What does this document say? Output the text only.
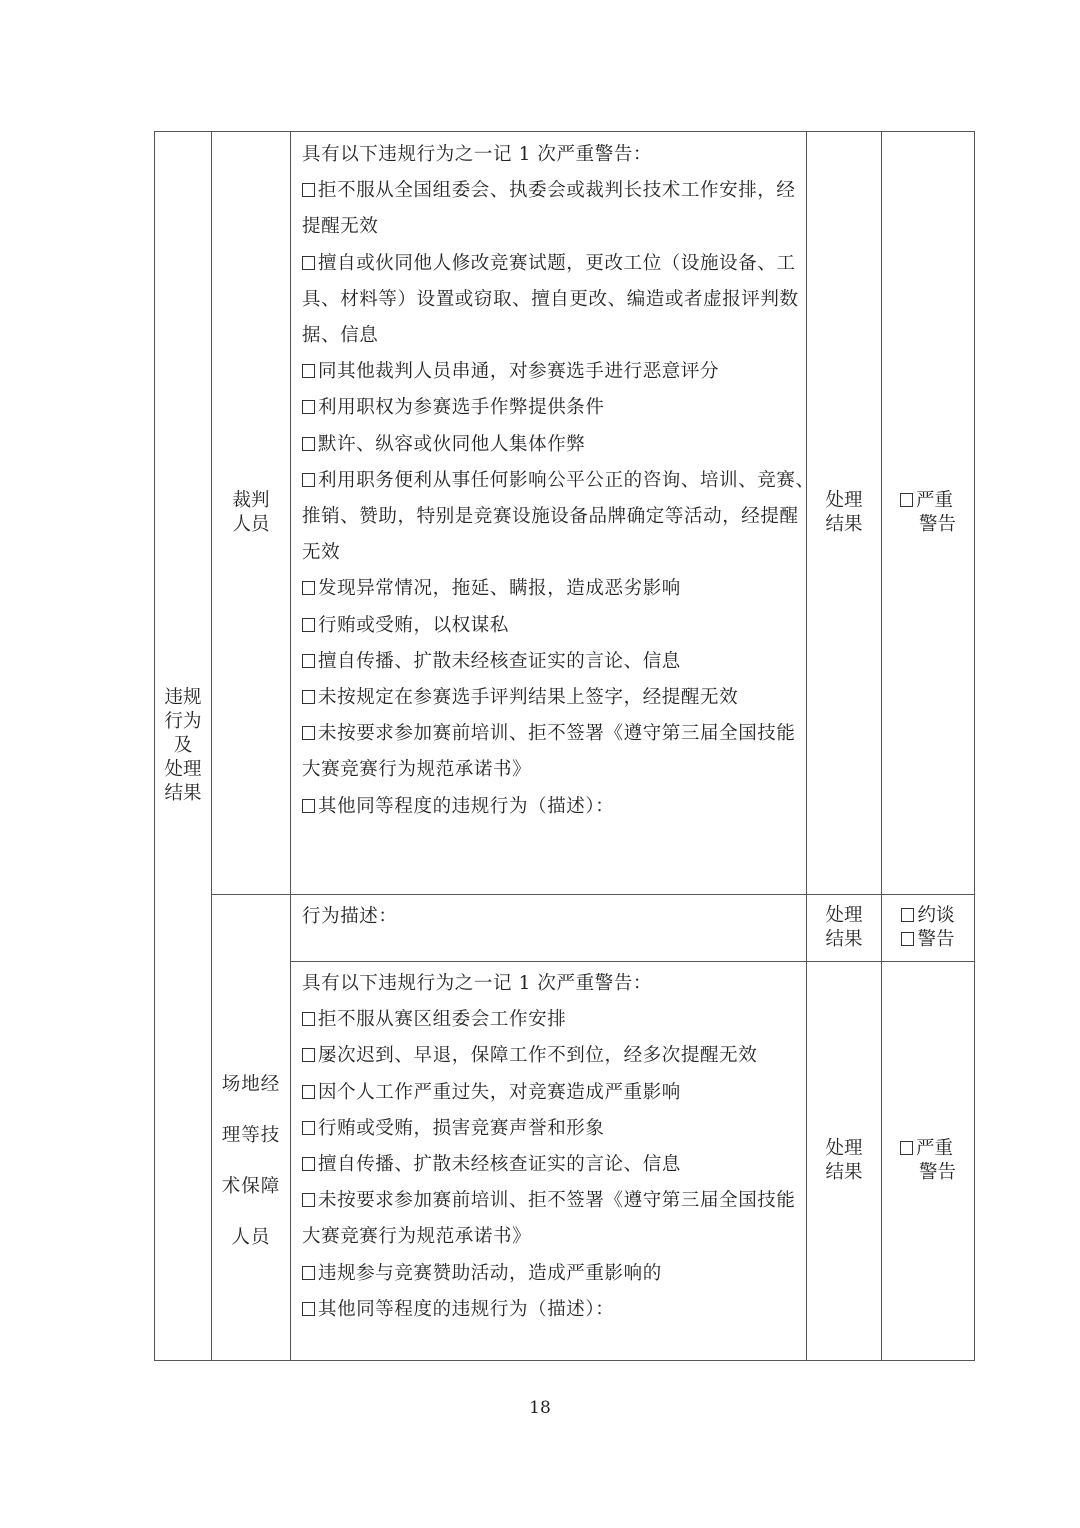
违规
行为
及
处理
结果
裁判
人员
具有以下违规行为之一记 1 次严重警告：
拒不服从全国组委会、执委会或裁判长技术工作安排，经
提醒无效
擅自或伙同他人修改竞赛试题，更改工位（设施设备、工
具、材料等）设置或窃取、擅自更改、编造或者虚报评判数
据、信息
同其他裁判人员串通，对参赛选手进行恶意评分
利用职权为参赛选手作弊提供条件
默许、纵容或伙同他人集体作弊
利用职务便利从事任何影响公平公正的咨询、培训、竞赛、
推销、赞助，特别是竞赛设施设备品牌确定等活动，经提醒
无效
发现异常情况，拖延、瞒报，造成恶劣影响
行贿或受贿，以权谋私
擅自传播、扩散未经核查证实的言论、信息
未按规定在参赛选手评判结果上签字，经提醒无效
未按要求参加赛前培训、拒不签署《遵守第三届全国技能
大赛竞赛行为规范承诺书》
其他同等程度的违规行为（描述）：
处理
结果
严重
警告
场地经
理等技
术保障
人员
行为描述：	处理
结果
约谈
警告
具有以下违规行为之一记 1 次严重警告：
拒不服从赛区组委会工作安排
屡次迟到、早退，保障工作不到位，经多次提醒无效
因个人工作严重过失，对竞赛造成严重影响
行贿或受贿，损害竞赛声誉和形象
擅自传播、扩散未经核查证实的言论、信息
未按要求参加赛前培训、拒不签署《遵守第三届全国技能
大赛竞赛行为规范承诺书》
违规参与竞赛赞助活动，造成严重影响的
其他同等程度的违规行为（描述）：
处理
结果
严重
警告
18
